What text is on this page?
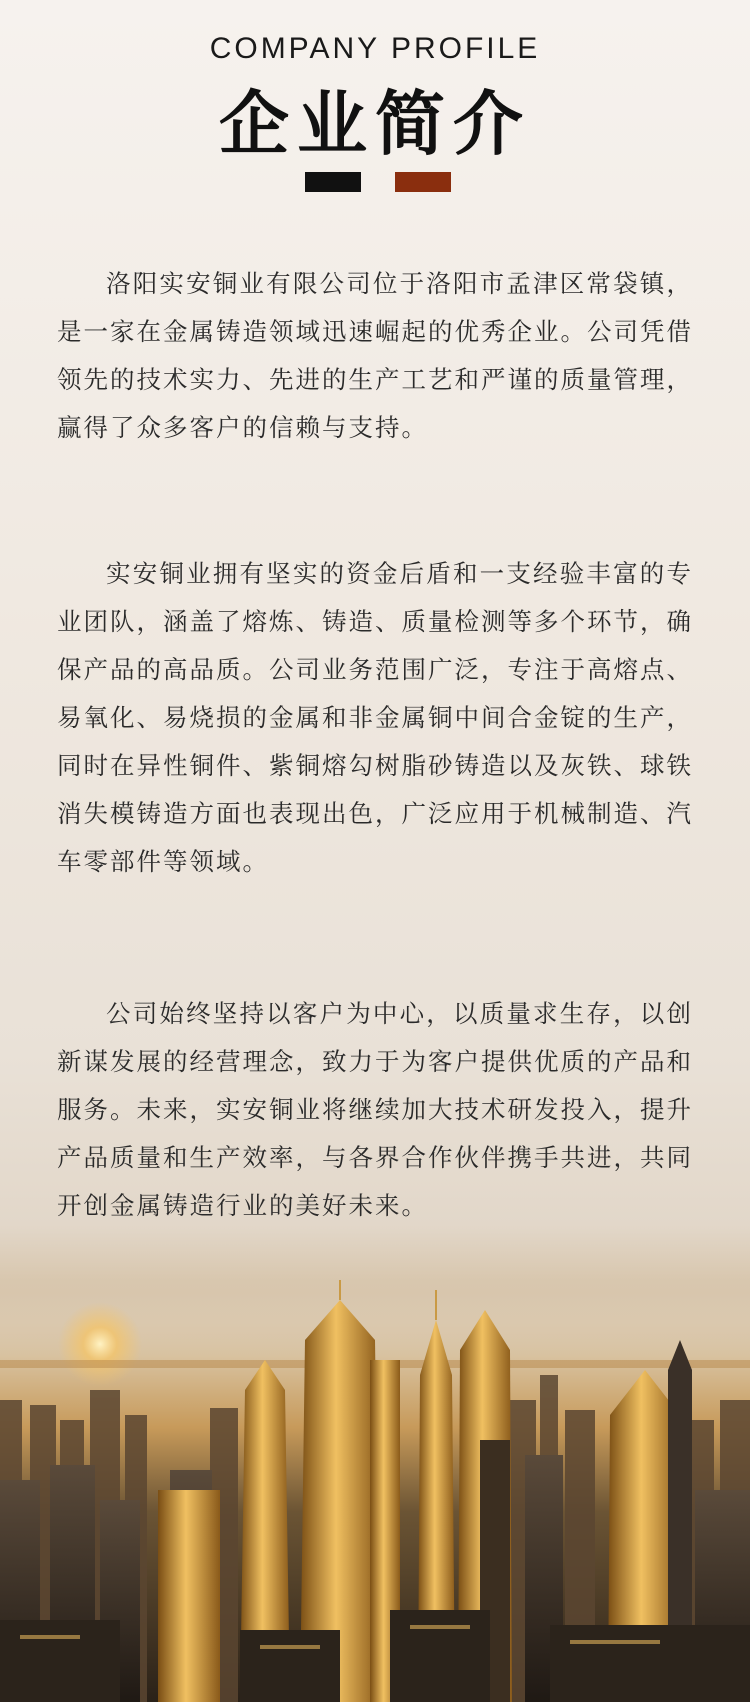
COMPANY PROFILE
企业简介

洛阳实安铜业有限公司位于洛阳市孟津区常袋镇，是一家在金属铸造领域迅速崛起的优秀企业。公司凭借领先的技术实力、先进的生产工艺和严谨的质量管理，赢得了众多客户的信赖与支持。

实安铜业拥有坚实的资金后盾和一支经验丰富的专业团队，涵盖了熔炼、铸造、质量检测等多个环节，确保产品的高品质。公司业务范围广泛，专注于高熔点、易氧化、易烧损的金属和非金属铜中间合金锭的生产，同时在异性铜件、紫铜熔勾树脂砂铸造以及灰铁、球铁消失模铸造方面也表现出色，广泛应用于机械制造、汽车零部件等领域。

公司始终坚持以客户为中心，以质量求生存，以创新谋发展的经营理念，致力于为客户提供优质的产品和服务。未来，实安铜业将继续加大技术研发投入，提升产品质量和生产效率，与各界合作伙伴携手共进，共同开创金属铸造行业的美好未来。
